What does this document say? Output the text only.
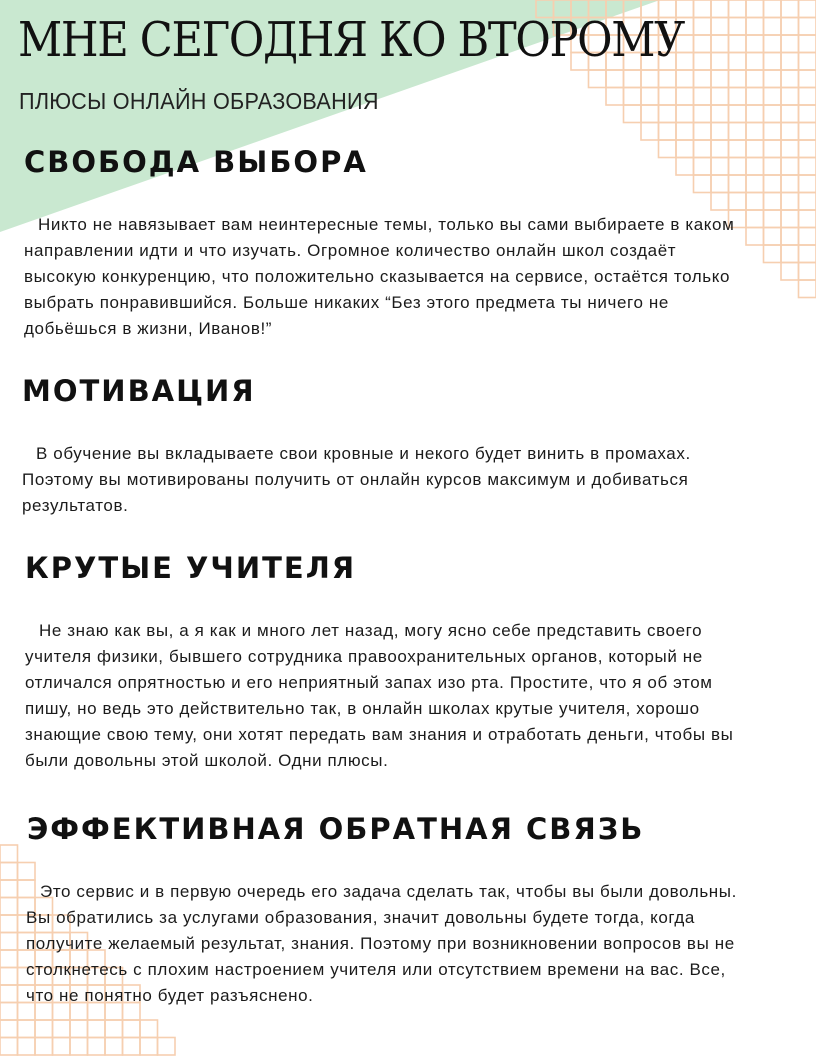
МНЕ СЕГОДНЯ КО ВТОРОМУ
ПЛЮСЫ ОНЛАЙН ОБРАЗОВАНИЯ
СВОБОДА ВЫБОРА

Никто не навязывает вам неинтересные темы, только вы сами выбираете в каком
направлении идти и что изучать. Огромное количество онлайн школ создаёт
высокую конкуренцию, что положительно сказывается на сервисе, остаётся только
выбрать понравившийся. Больше никаких “Без этого предмета ты ничего не
добьёшься в жизни, Иванов!”

МОТИВАЦИЯ

В обучение вы вкладываете свои кровные и некого будет винить в промахах.
Поэтому вы мотивированы получить от онлайн курсов максимум и добиваться
результатов.

КРУТЫЕ УЧИТЕЛЯ

Не знаю как вы, а я как и много лет назад, могу ясно себе представить своего
учителя физики, бывшего сотрудника правоохранительных органов, который не
отличался опрятностью и его неприятный запах изо рта. Простите, что я об этом
пишу, но ведь это действительно так, в онлайн школах крутые учителя, хорошо
знающие свою тему, они хотят передать вам знания и отработать деньги, чтобы вы
были довольны этой школой. Одни плюсы.

ЭФФЕКТИВНАЯ ОБРАТНАЯ СВЯЗЬ

Это сервис и в первую очередь его задача сделать так, чтобы вы были довольны.
Вы обратились за услугами образования, значит довольны будете тогда, когда
получите желаемый результат, знания. Поэтому при возникновении вопросов вы не
столкнетесь с плохим настроением учителя или отсутствием времени на вас. Все,
что не понятно будет разъяснено.
